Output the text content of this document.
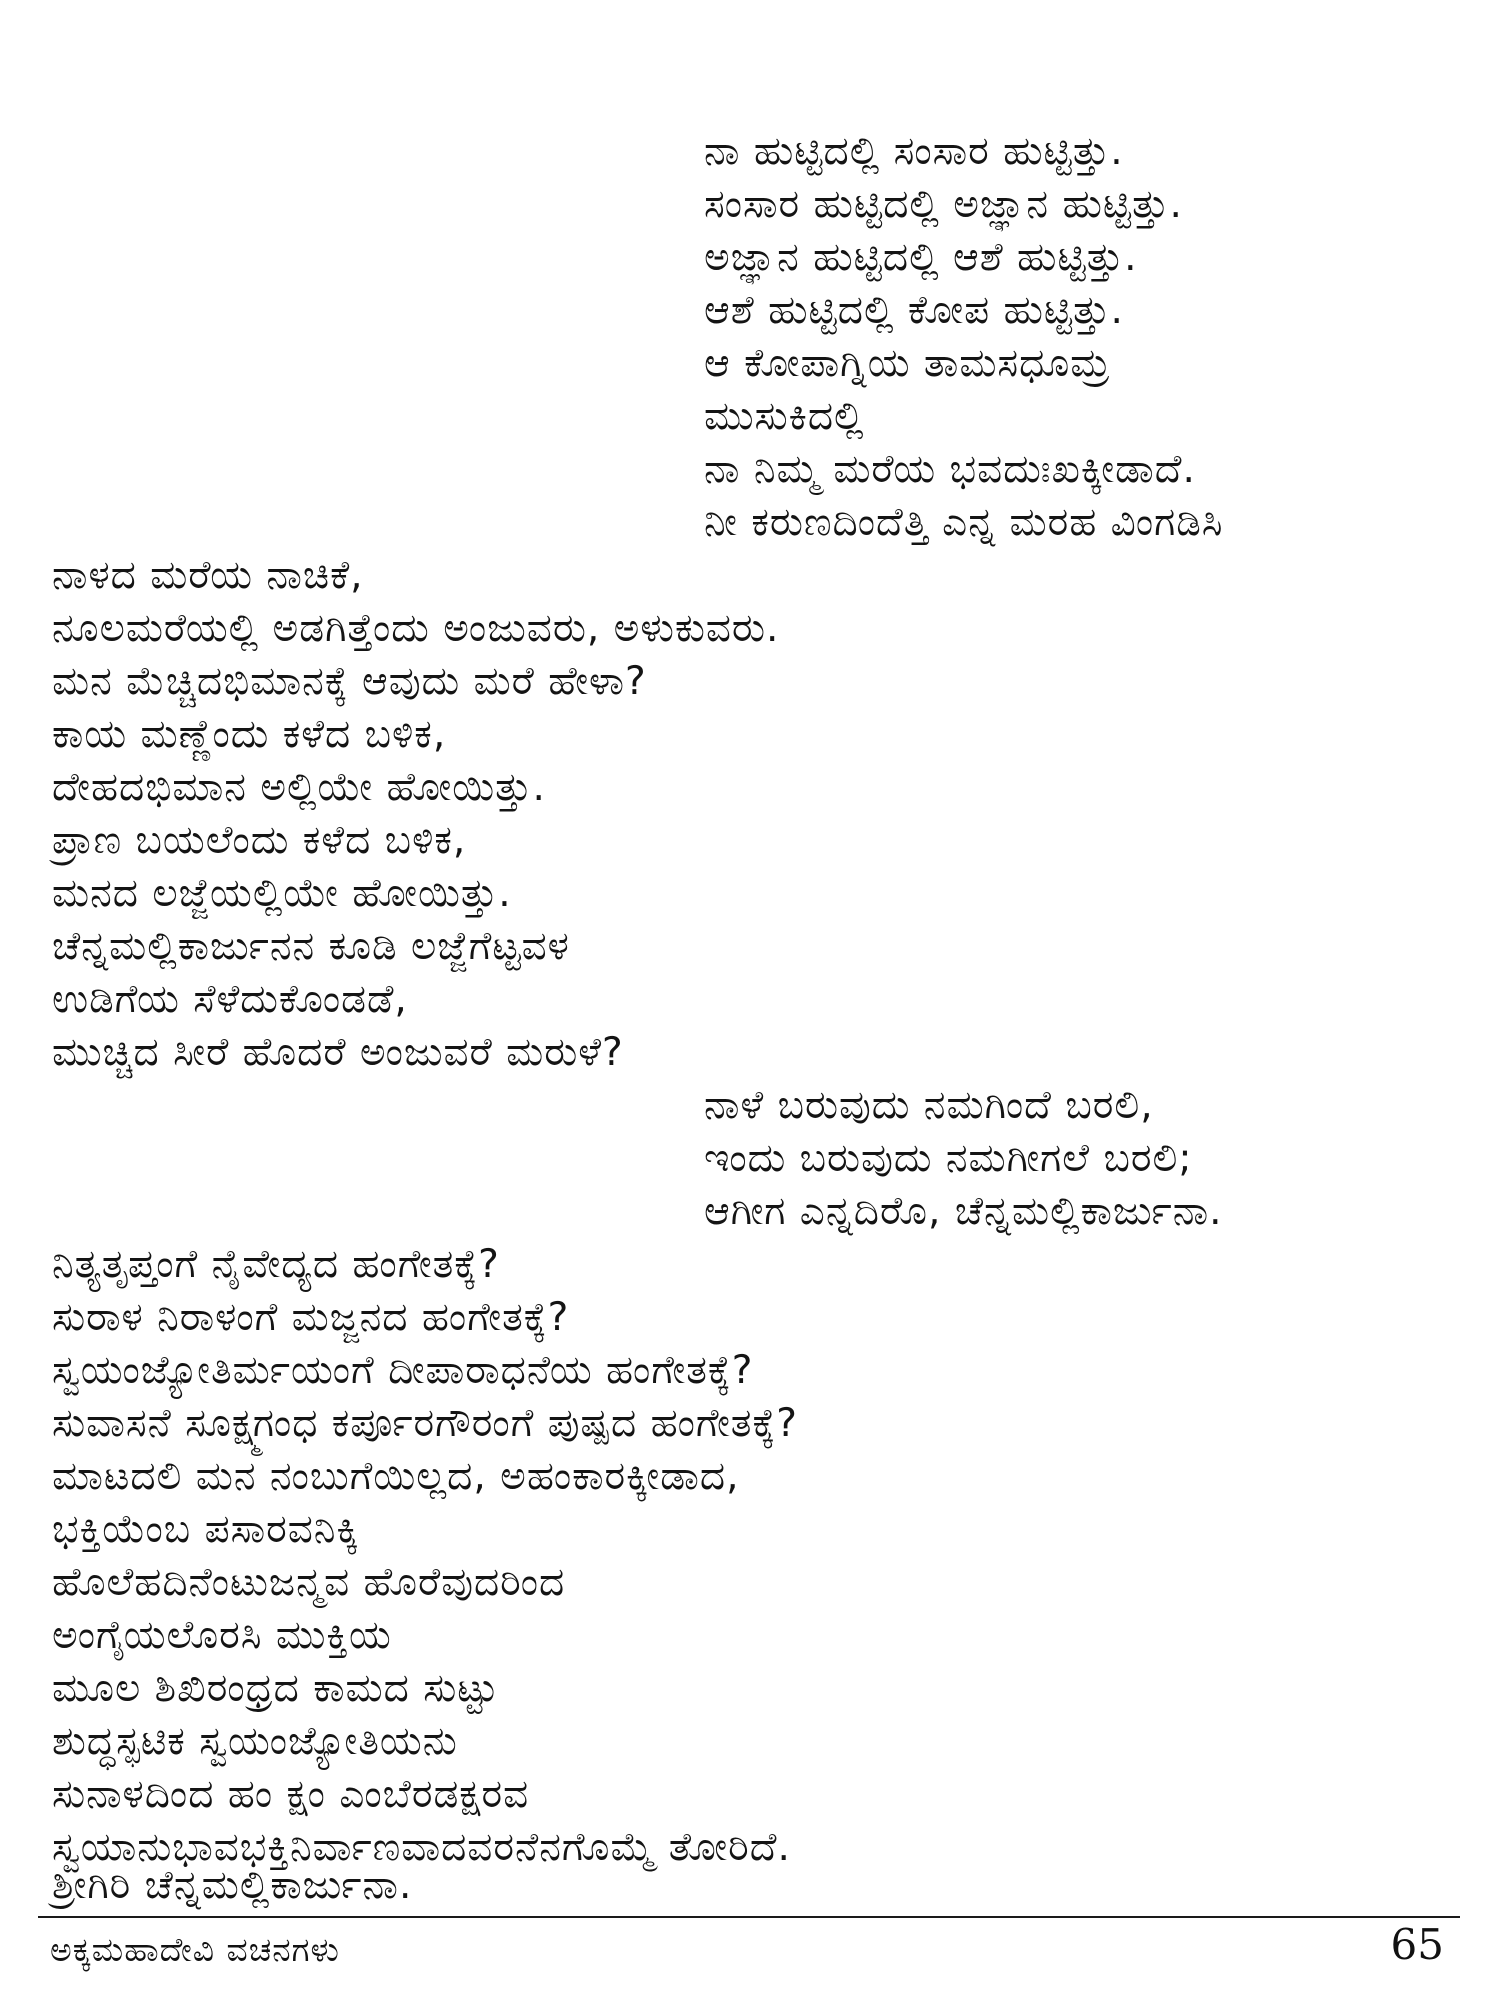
ನಾ ಹುಟ್ಟಿದಲ್ಲಿ ಸಂಸಾರ ಹುಟ್ಟಿತ್ತು.
ಸಂಸಾರ ಹುಟ್ಟಿದಲ್ಲಿ ಅಜ್ಞಾನ ಹುಟ್ಟಿತ್ತು.
ಅಜ್ಞಾನ ಹುಟ್ಟಿದಲ್ಲಿ ಆಶೆ ಹುಟ್ಟಿತ್ತು.
ಆಶೆ ಹುಟ್ಟಿದಲ್ಲಿ ಕೋಪ ಹುಟ್ಟಿತ್ತು.
ಆ ಕೋಪಾಗ್ನಿಯ ತಾಮಸಧೂಮ್ರ
ಮುಸುಕಿದಲ್ಲಿ
ನಾ ನಿಮ್ಮ ಮರೆಯ ಭವದುಃಖಕ್ಕೀಡಾದೆ.
ನೀ ಕರುಣದಿಂದೆತ್ತಿ ಎನ್ನ ಮರಹ ವಿಂಗಡಿಸಿ
ನಾಳದ ಮರೆಯ ನಾಚಿಕೆ,
ನೂಲಮರೆಯಲ್ಲಿ ಅಡಗಿತ್ತೆಂದು ಅಂಜುವರು, ಅಳುಕುವರು.
ಮನ ಮೆಚ್ಚಿದಭಿಮಾನಕ್ಕೆ ಆವುದು ಮರೆ ಹೇಳಾ?
ಕಾಯ ಮಣ್ಣೆಂದು ಕಳೆದ ಬಳಿಕ,
ದೇಹದಭಿಮಾನ ಅಲ್ಲಿಯೇ ಹೋಯಿತ್ತು.
ಪ್ರಾಣ ಬಯಲೆಂದು ಕಳೆದ ಬಳಿಕ,
ಮನದ ಲಜ್ಜೆಯಲ್ಲಿಯೇ ಹೋಯಿತ್ತು.
ಚೆನ್ನಮಲ್ಲಿಕಾರ್ಜುನನ ಕೂಡಿ ಲಜ್ಜೆಗೆಟ್ಟವಳ
ಉಡಿಗೆಯ ಸೆಳೆದುಕೊಂಡಡೆ,
ಮುಚ್ಚಿದ ಸೀರೆ ಹೊದರೆ ಅಂಜುವರೆ ಮರುಳೆ?
ನಾಳೆ ಬರುವುದು ನಮಗಿಂದೆ ಬರಲಿ,
ಇಂದು ಬರುವುದು ನಮಗೀಗಲೆ ಬರಲಿ;
ಆಗೀಗ ಎನ್ನದಿರೊ, ಚೆನ್ನಮಲ್ಲಿಕಾರ್ಜುನಾ.
ನಿತ್ಯತೃಪ್ತಂಗೆ ನೈವೇದ್ಯದ ಹಂಗೇತಕ್ಕೆ?
ಸುರಾಳ ನಿರಾಳಂಗೆ ಮಜ್ಜನದ ಹಂಗೇತಕ್ಕೆ?
ಸ್ವಯಂಜ್ಯೋತಿರ್ಮಯಂಗೆ ದೀಪಾರಾಧನೆಯ ಹಂಗೇತಕ್ಕೆ?
ಸುವಾಸನೆ ಸೂಕ್ಷ್ಮಗಂಧ ಕರ್ಪೂರಗೌರಂಗೆ ಪುಷ್ಪದ ಹಂಗೇತಕ್ಕೆ?
ಮಾಟದಲಿ ಮನ ನಂಬುಗೆಯಿಲ್ಲದ, ಅಹಂಕಾರಕ್ಕೀಡಾದ,
ಭಕ್ತಿಯೆಂಬ ಪಸಾರವನಿಕ್ಕಿ
ಹೊಲೆಹದಿನೆಂಟುಜನ್ಮವ ಹೊರೆವುದರಿಂದ
ಅಂಗೈಯಲೊರಸಿ ಮುಕ್ತಿಯ
ಮೂಲ ಶಿಖಿರಂಧ್ರದ ಕಾಮದ ಸುಟ್ಟು
ಶುದ್ಧಸ್ಫಟಿಕ ಸ್ವಯಂಜ್ಯೋತಿಯನು
ಸುನಾಳದಿಂದ ಹಂ ಕ್ಷಂ ಎಂಬೆರಡಕ್ಷರವ
ಸ್ವಯಾನುಭಾವಭಕ್ತಿನಿರ್ವಾಣವಾದವರನೆನಗೊಮ್ಮೆ ತೋರಿದೆ.
ಶ್ರೀಗಿರಿ ಚೆನ್ನಮಲ್ಲಿಕಾರ್ಜುನಾ.
ಅಕ್ಕಮಹಾದೇವಿ ವಚನಗಳು	65
